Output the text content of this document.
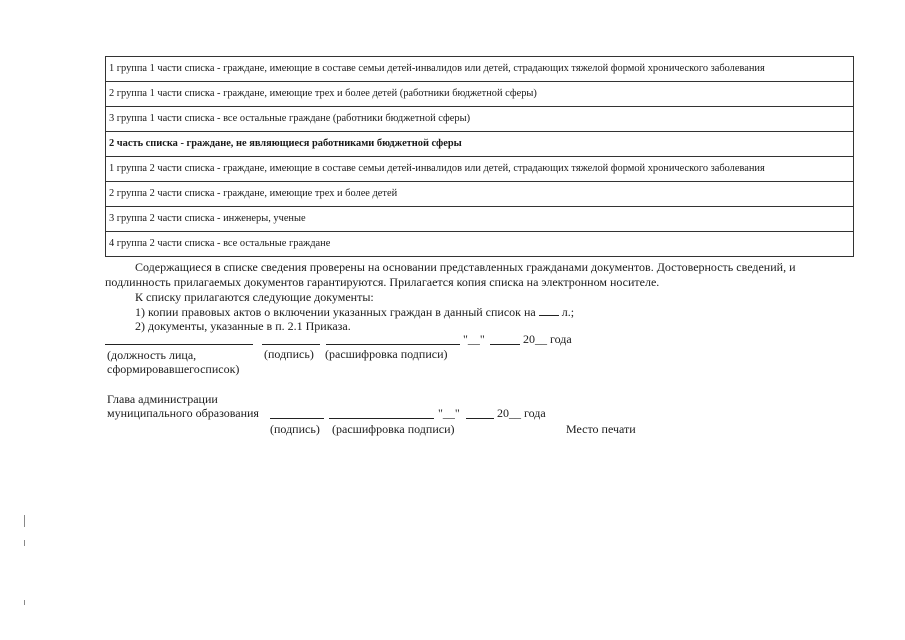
1 группа 1 части списка - граждане, имеющие в составе семьи детей-инвалидов или детей, страдающих тяжелой формой хронического заболевания
2 группа 1 части списка - граждане, имеющие трех и более детей (работники бюджетной сферы)
3 группа 1 части списка - все остальные граждане (работники бюджетной сферы)
2 часть списка - граждане, не являющиеся работниками бюджетной сферы
1 группа 2 части списка - граждане, имеющие в составе семьи детей-инвалидов или детей, страдающих тяжелой формой хронического заболевания
2 группа 2 части списка - граждане, имеющие трех и более детей
3 группа 2 части списка - инженеры, ученые
4 группа 2 части списка - все остальные граждане
Содержащиеся в списке сведения проверены на основании представленных гражданами документов. Достоверность сведений, и подлинность прилагаемых документов гарантируются. Прилагается копия списка на электронном носителе.
К списку прилагаются следующие документы:
1) копии правовых актов о включении указанных граждан в данный список на л.;
2) документы, указанные в п. 2.1 Приказа.
"__"	20__ года
(должность лица,
сформировавшегосписок)
(подпись) (расшифровка подписи)
Глава администрации
муниципального образования	"__"	20__ года
(подпись) (расшифровка подписи)	Место печати
